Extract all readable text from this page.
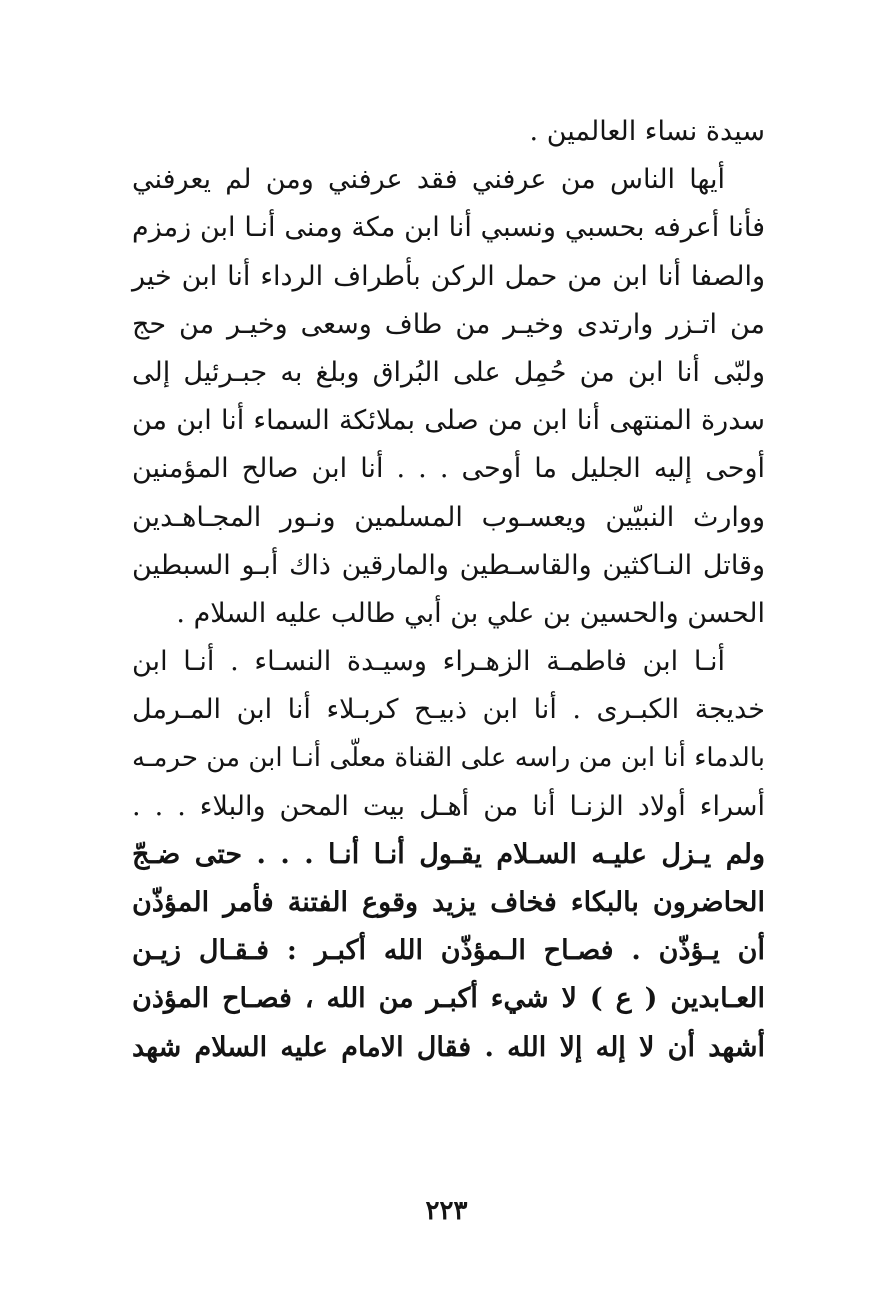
سيدة نساء العالمين .
أيها الناس من عرفني فقد عرفني ومن لم يعرفني
فأنا أعرفه بحسبي ونسبي أنا ابن مكة ومنى أنـا ابن زمزم
والصفا أنا ابن من حمل الركن بأطراف الرداء أنا ابن خير
من اتـزر وارتدى وخيـر من طاف وسعى وخيـر من حج
ولبّى أنا ابن من حُمِل على البُراق وبلغ به جبـرئيل إلى
سدرة المنتهى أنا ابن من صلى بملائكة السماء أنا ابن من
أوحى إليه الجليل ما أوحى . . . أنا ابن صالح المؤمنين
ووارث النبيّين ويعسـوب المسلمين ونـور المجـاهـدين
وقاتل النـاكثين والقاسـطين والمارقين ذاك أبـو السبطين
الحسن والحسين بن علي بن أبي طالب عليه السلام .
أنـا ابن فاطمـة الزهـراء وسيـدة النسـاء . أنـا ابن
خديجة الكبـرى . أنا ابن ذبيـح كربـلاء أنا ابن المـرمل
بالدماء أنا ابن من راسه على القناة معلّى أنـا ابن من حرمـه
أسراء أولاد الزنـا أنا من أهـل بيت المحن والبلاء . . .
ولم يـزل عليـه السـلام يقـول أنـا أنـا . . . حتى ضـجّ
الحاضرون بالبكاء فخاف يزيد وقوع الفتنة فأمر المؤذّن
أن يـؤذّن . فصـاح الـمؤذّن الله أكبـر : فـقـال زيـن
العـابدين ( ع ) لا شيء أكبـر من الله ، فصـاح المؤذن
أشهد أن لا إله إلا الله . فقال الامام عليه السلام شهد
٢٢٣
